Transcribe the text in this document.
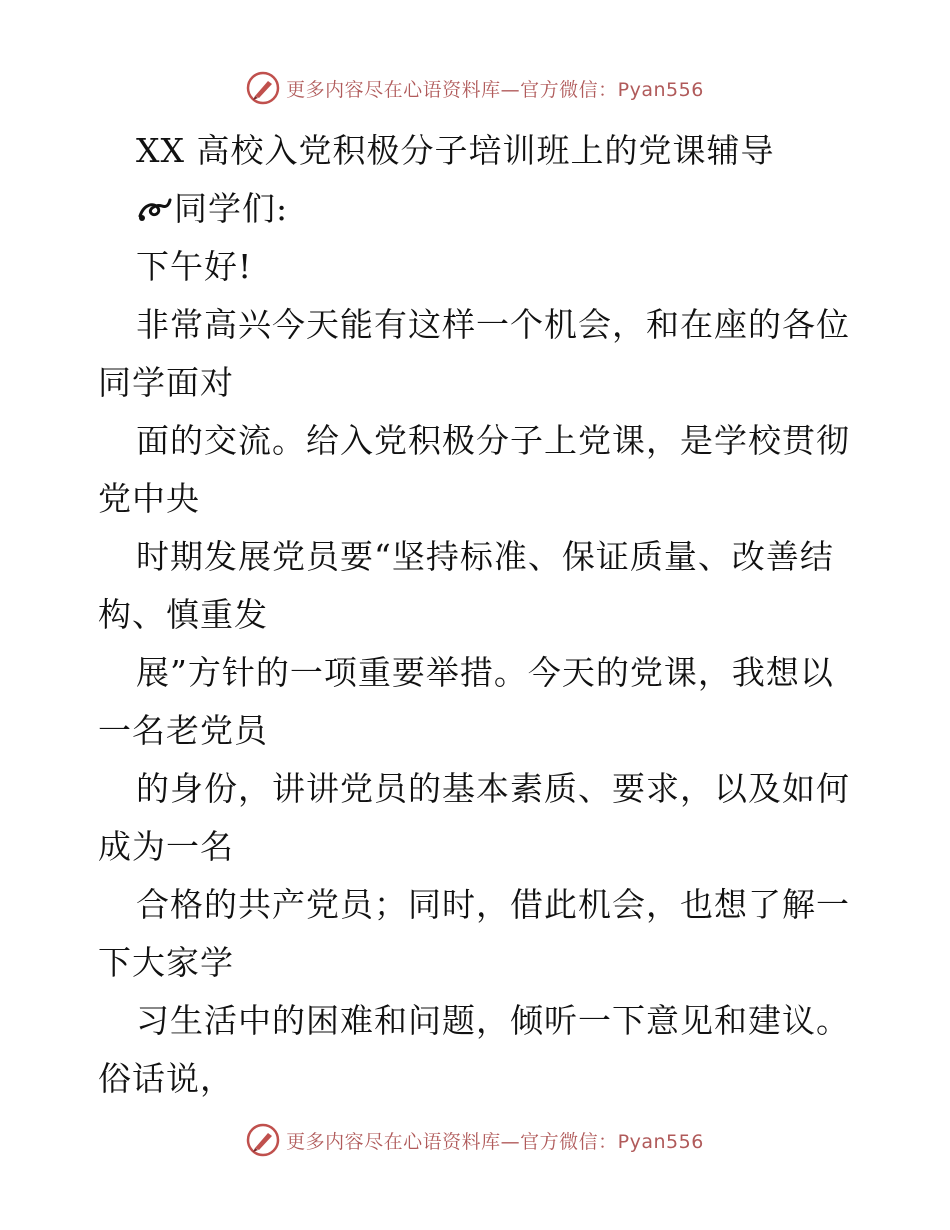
更多内容尽在心语资料库—官方微信：Pyan556
XX 高校入党积极分子培训班上的党课辅导
同学们:
下午好!
非常高兴今天能有这样一个机会，和在座的各位
同学面对
面的交流。给入党积极分子上党课，是学校贯彻
党中央
时期发展党员要“坚持标准、保证质量、改善结
构、慎重发
展”方针的一项重要举措。今天的党课，我想以
一名老党员
的身份，讲讲党员的基本素质、要求，以及如何
成为一名
合格的共产党员；同时，借此机会，也想了解一
下大家学
习生活中的困难和问题，倾听一下意见和建议。
俗话说，
更多内容尽在心语资料库—官方微信：Pyan556
